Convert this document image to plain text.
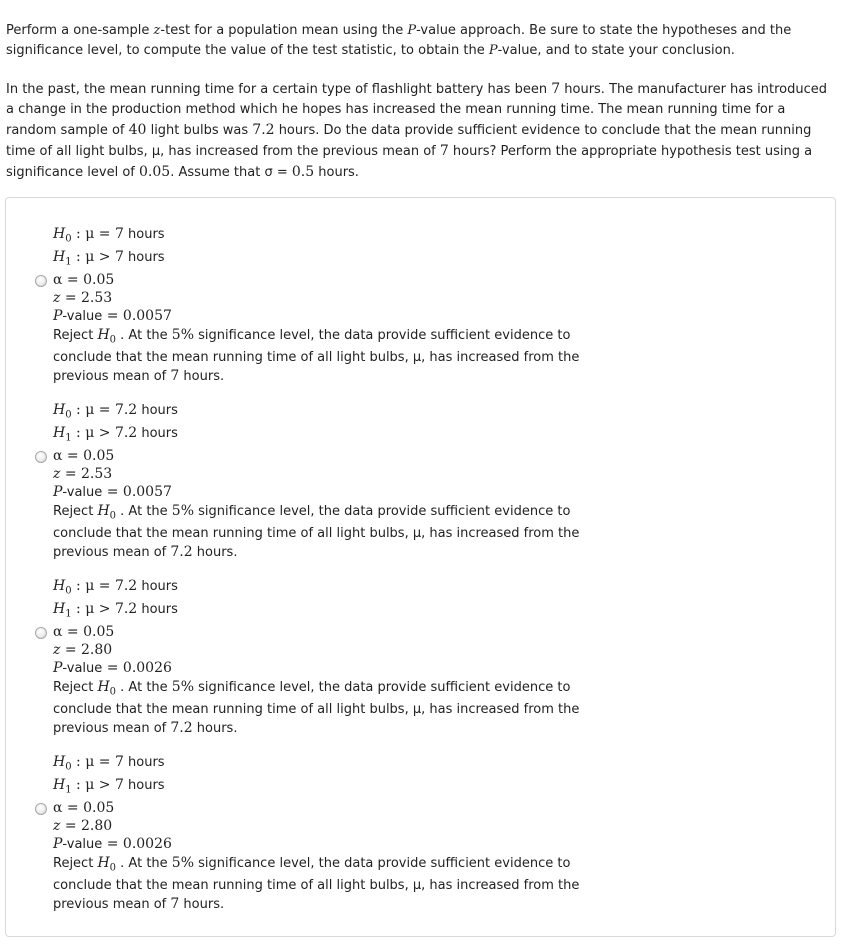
Perform a one-sample z-test for a population mean using the P-value approach. Be sure to state the hypotheses and the significance level, to compute the value of the test statistic, to obtain the P-value, and to state your conclusion.

In the past, the mean running time for a certain type of flashlight battery has been 7 hours. The manufacturer has introduced a change in the production method which he hopes has increased the mean running time. The mean running time for a random sample of 40 light bulbs was 7.2 hours. Do the data provide sufficient evidence to conclude that the mean running time of all light bulbs, μ, has increased from the previous mean of 7 hours? Perform the appropriate hypothesis test using a significance level of 0.05. Assume that σ = 0.5 hours.

$H_0$ : μ = 7 hours
$H_1$ : μ > 7 hours
α = 0.05
z = 2.53
P-value = 0.0057
Reject $H_0$ . At the 5% significance level, the data provide sufficient evidence to
conclude that the mean running time of all light bulbs, μ, has increased from the
previous mean of 7 hours.
$H_0$ : μ = 7.2 hours
$H_1$ : μ > 7.2 hours
α = 0.05
z = 2.53
P-value = 0.0057
Reject $H_0$ . At the 5% significance level, the data provide sufficient evidence to
conclude that the mean running time of all light bulbs, μ, has increased from the
previous mean of 7.2 hours.
$H_0$ : μ = 7.2 hours
$H_1$ : μ > 7.2 hours
α = 0.05
z = 2.80
P-value = 0.0026
Reject $H_0$ . At the 5% significance level, the data provide sufficient evidence to
conclude that the mean running time of all light bulbs, μ, has increased from the
previous mean of 7.2 hours.
$H_0$ : μ = 7 hours
$H_1$ : μ > 7 hours
α = 0.05
z = 2.80
P-value = 0.0026
Reject $H_0$ . At the 5% significance level, the data provide sufficient evidence to
conclude that the mean running time of all light bulbs, μ, has increased from the
previous mean of 7 hours.
